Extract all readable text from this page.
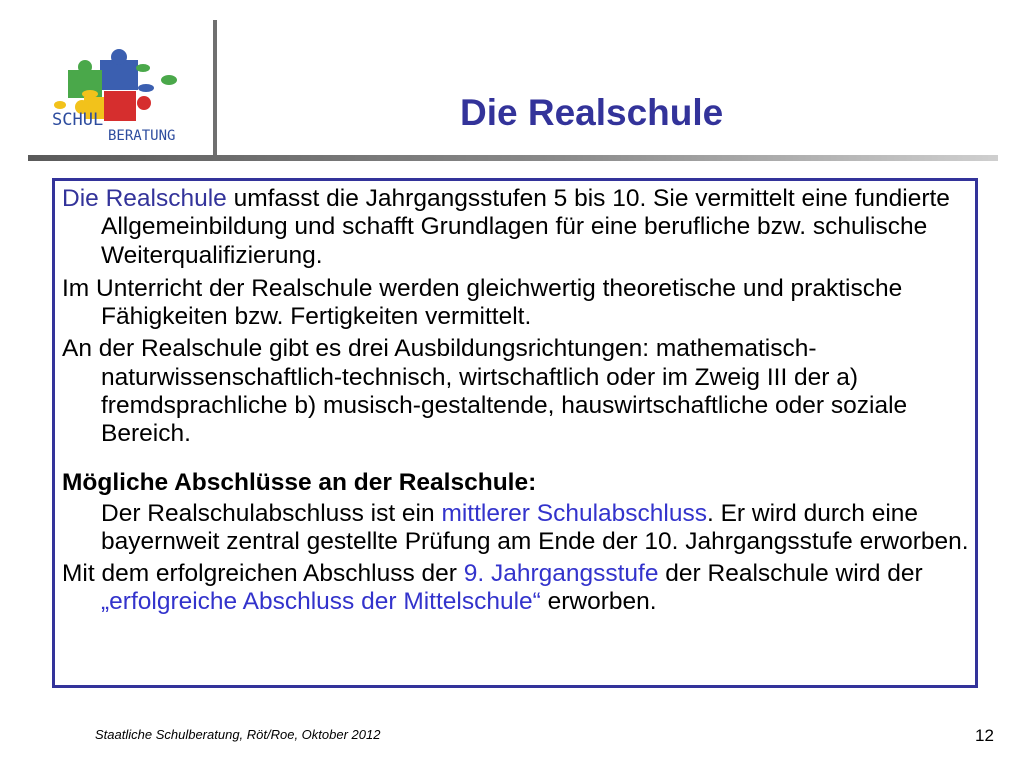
SCHUL
BERATUNG
Die Realschule

Die Realschule umfasst die Jahrgangsstufen 5 bis 10. Sie vermittelt eine fundierte Allgemeinbildung und schafft Grundlagen für eine berufliche bzw. schulische Weiterqualifizierung.

Im Unterricht der Realschule werden gleichwertig theoretische und praktische Fähigkeiten bzw. Fertigkeiten vermittelt.

An der Realschule gibt es drei Ausbildungsrichtungen: mathematisch-naturwissenschaftlich-technisch, wirtschaftlich oder im Zweig III der a) fremdsprachliche b) musisch-gestaltende, hauswirtschaftliche oder soziale Bereich.

Mögliche Abschlüsse an der Realschule:

Der Realschulabschluss ist ein mittlerer Schulabschluss. Er wird durch eine bayernweit zentral gestellte Prüfung am Ende der 10. Jahrgangsstufe erworben.

Mit dem erfolgreichen Abschluss der 9. Jahrgangsstufe der Realschule wird der „erfolgreiche Abschluss der Mittelschule“ erworben.

Staatliche Schulberatung, Röt/Roe, Oktober 2012	12
